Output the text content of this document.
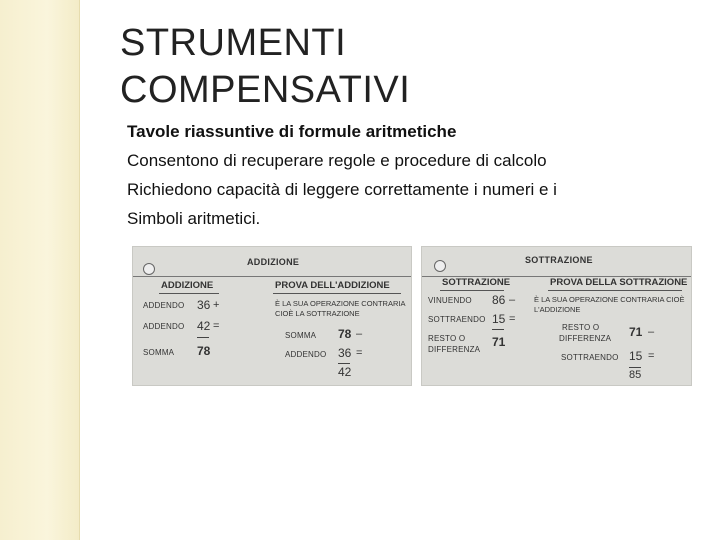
STRUMENTI
COMPENSATIVI
Tavole riassuntive di formule aritmetiche
Consentono di recuperare regole e procedure di calcolo
Richiedono capacità di leggere correttamente i numeri e i
Simboli aritmetici.
ADDIZIONE
ADDIZIONE	PROVA DELL'ADDIZIONE
ADDENDO 36 +
ADDENDO 42 =
SOMMA 78
È LA SUA OPERAZIONE CONTRARIA
CIOÈ LA SOTTRAZIONE
SOMMA 78 –
ADDENDO 36 =
42
SOTTRAZIONE
SOTTRAZIONE	PROVA DELLA SOTTRAZIONE
VINUENDO 86 –
SOTTRAENDO 15 =
RESTO O
DIFFERENZA
71
È LA SUA OPERAZIONE CONTRARIA CIOÈ
L'ADDIZIONE
RESTO O
DIFFERENZA 71 –
SOTTRAENDO 15 =
85
